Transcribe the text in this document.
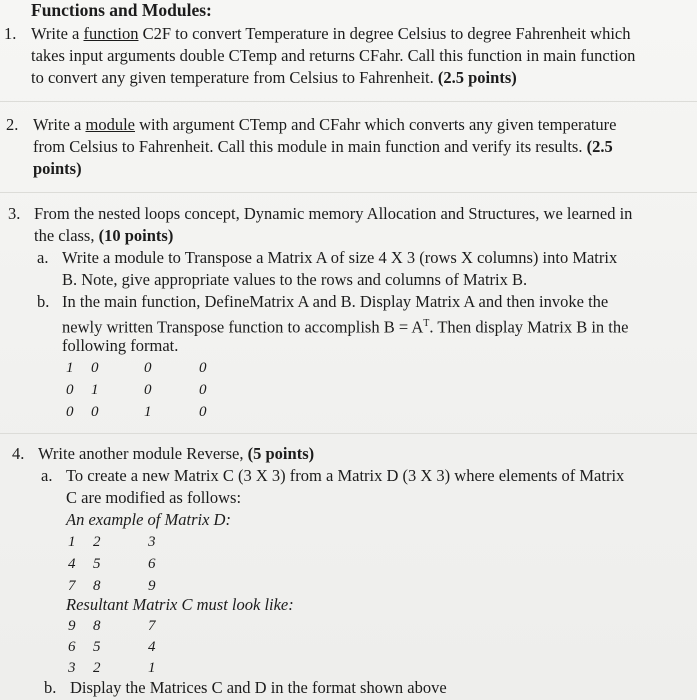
Functions and Modules:
1. Write a function C2F to convert Temperature in degree Celsius to degree Fahrenheit which
takes input arguments double CTemp and returns CFahr. Call this function in main function
to convert any given temperature from Celsius to Fahrenheit. (2.5 points)
2. Write a module with argument CTemp and CFahr which converts any given temperature
from Celsius to Fahrenheit. Call this module in main function and verify its results. (2.5
points)
3. From the nested loops concept, Dynamic memory Allocation and Structures, we learned in
the class, (10 points)
a. Write a module to Transpose a Matrix A of size 4 X 3 (rows X columns) into Matrix
B. Note, give appropriate values to the rows and columns of Matrix B.
b. In the main function, DefineMatrix A and B. Display Matrix A and then invoke the
newly written Transpose function to accomplish $B = A^T$. Then display Matrix B in the
following format.
1 0	0	0
0 1	0	0
0 0	1	0
4. Write another module Reverse, (5 points)
a. To create a new Matrix C (3 X 3) from a Matrix D (3 X 3) where elements of Matrix
C are modified as follows:
An example of Matrix D:
1 2	3
4 5	6
7 8	9
Resultant Matrix C must look like:
9 8	7
6 5	4
3 2	1
b. Display the Matrices C and D in the format shown above
